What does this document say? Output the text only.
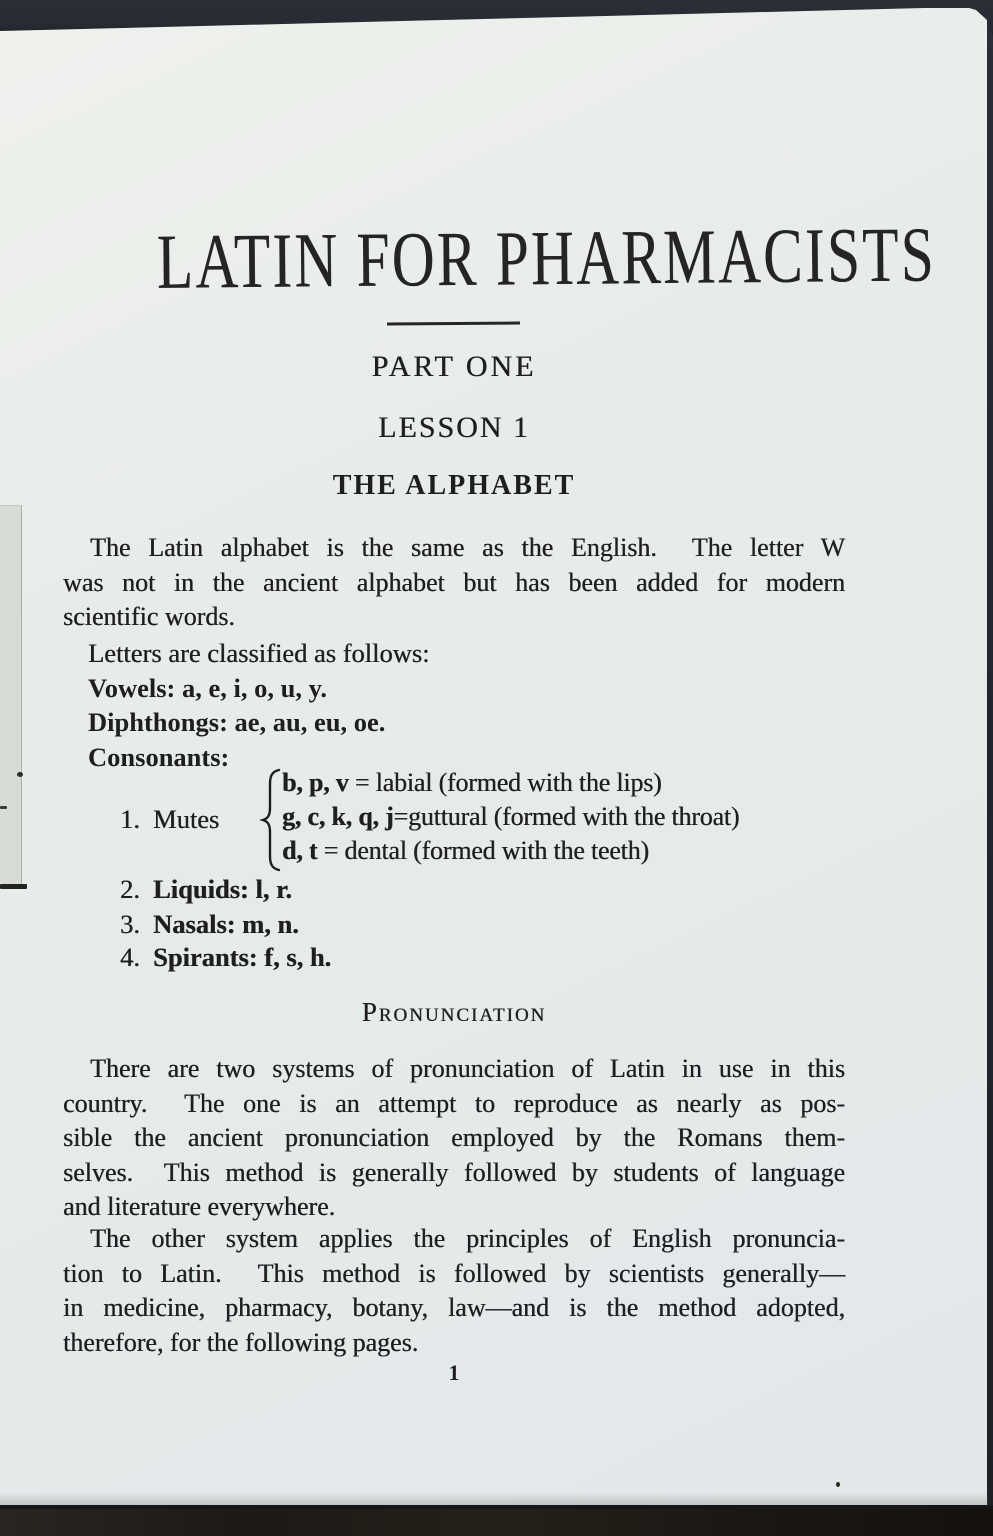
LATIN FOR PHARMACISTS
PART ONE
LESSON 1
THE ALPHABET
The Latin alphabet is the same as the English.  The letter W
was not in the ancient alphabet but has been added for modern
scientific words.
Letters are classified as follows:
Vowels: a, e, i, o, u, y.
Diphthongs: ae, au, eu, oe.
Consonants:
1. Mutes
b, p, v = labial (formed with the lips)
g, c, k, q, j=guttural (formed with the throat)
d, t = dental (formed with the teeth)
2. Liquids: l, r.
3. Nasals: m, n.
4. Spirants: f, s, h.
Pronunciation
There are two systems of pronunciation of Latin in use in this
country.  The one is an attempt to reproduce as nearly as pos-
sible the ancient pronunciation employed by the Romans them-
selves.  This method is generally followed by students of language
and literature everywhere.
The other system applies the principles of English pronuncia-
tion to Latin.  This method is followed by scientists generally—
in medicine, pharmacy, botany, law—and is the method adopted,
therefore, for the following pages.
1
